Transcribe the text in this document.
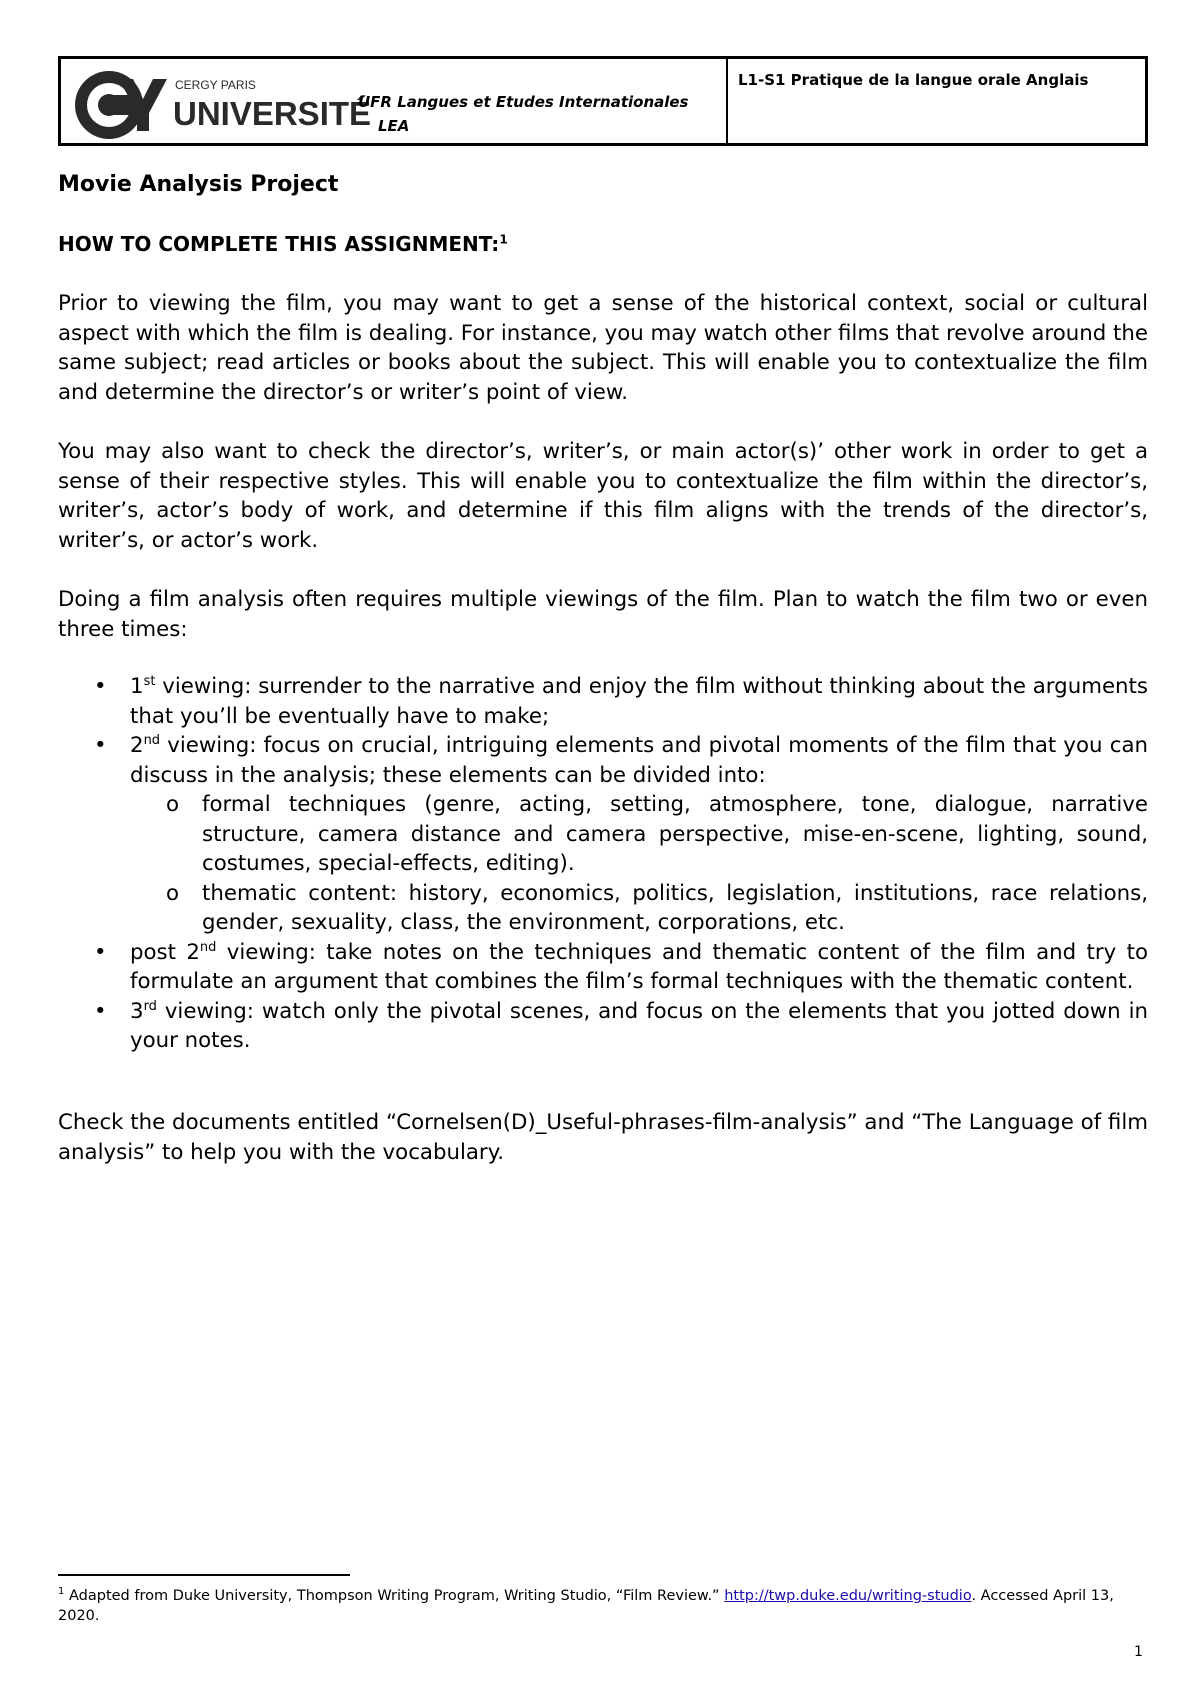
CERGY PARIS
UNIVERSITÉ
UFR Langues et Etudes Internationales
LEA
L1-S1 Pratique de la langue orale Anglais
Movie Analysis Project
HOW TO COMPLETE THIS ASSIGNMENT:$^1$

Prior to viewing the film, you may want to get a sense of the historical context, social or cultural aspect with which the film is dealing. For instance, you may watch other films that revolve around the same subject; read articles or books about the subject. This will enable you to contextualize the film and determine the director’s or writer’s point of view.

You may also want to check the director’s, writer’s, or main actor(s)’ other work in order to get a sense of their respective styles. This will enable you to contextualize the film within the director’s, writer’s, actor’s body of work, and determine if this film aligns with the trends of the director’s, writer’s, or actor’s work.

Doing a film analysis often requires multiple viewings of the film. Plan to watch the film two or even three times:

• 1st viewing: surrender to the narrative and enjoy the film without thinking about the arguments that you’ll be eventually have to make;
• 2nd viewing: focus on crucial, intriguing elements and pivotal moments of the film that you can discuss in the analysis; these elements can be divided into:
o formal techniques (genre, acting, setting, atmosphere, tone, dialogue, narrative structure, camera distance and camera perspective, mise-en-scene, lighting, sound, costumes, special-effects, editing).
o thematic content: history, economics, politics, legislation, institutions, race relations, gender, sexuality, class, the environment, corporations, etc.
• post 2nd viewing: take notes on the techniques and thematic content of the film and try to formulate an argument that combines the film’s formal techniques with the thematic content.
• 3rd viewing: watch only the pivotal scenes, and focus on the elements that you jotted down in your notes.

Check the documents entitled “Cornelsen(D)_Useful-phrases-film-analysis” and “The Language of film analysis” to help you with the vocabulary.

$^1$ Adapted from Duke University, Thompson Writing Program, Writing Studio, “Film Review.” http://twp.duke.edu/writing-studio. Accessed April 13, 2020.

1
